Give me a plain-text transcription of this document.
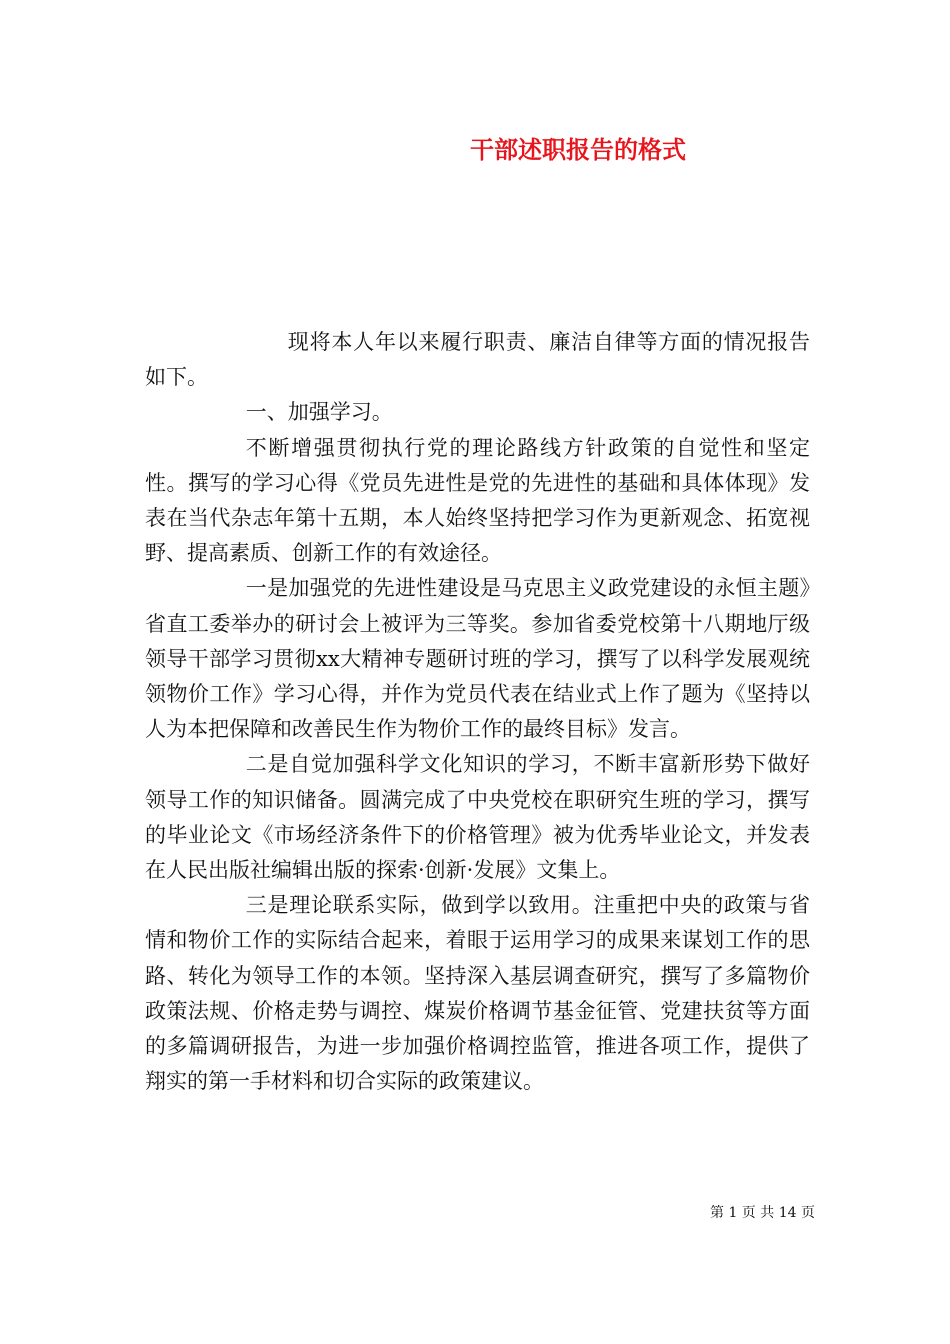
干部述职报告的格式

现将本人年以来履行职责、廉洁自律等方面的情况报告如下。

一、加强学习。

不断增强贯彻执行党的理论路线方针政策的自觉性和坚定性。撰写的学习心得《党员先进性是党的先进性的基础和具体体现》发表在当代杂志年第十五期，本人始终坚持把学习作为更新观念、拓宽视野、提高素质、创新工作的有效途径。

一是加强党的先进性建设是马克思主义政党建设的永恒主题》省直工委举办的研讨会上被评为三等奖。参加省委党校第十八期地厅级领导干部学习贯彻xx大精神专题研讨班的学习，撰写了以科学发展观统领物价工作》学习心得，并作为党员代表在结业式上作了题为《坚持以人为本把保障和改善民生作为物价工作的最终目标》发言。

二是自觉加强科学文化知识的学习，不断丰富新形势下做好领导工作的知识储备。圆满完成了中央党校在职研究生班的学习，撰写的毕业论文《市场经济条件下的价格管理》被为优秀毕业论文，并发表在人民出版社编辑出版的探索·创新·发展》文集上。

三是理论联系实际，做到学以致用。注重把中央的政策与省情和物价工作的实际结合起来，着眼于运用学习的成果来谋划工作的思路、转化为领导工作的本领。坚持深入基层调查研究，撰写了多篇物价政策法规、价格走势与调控、煤炭价格调节基金征管、党建扶贫等方面的多篇调研报告，为进一步加强价格调控监管，推进各项工作，提供了翔实的第一手材料和切合实际的政策建议。

第 1 页 共 14 页
